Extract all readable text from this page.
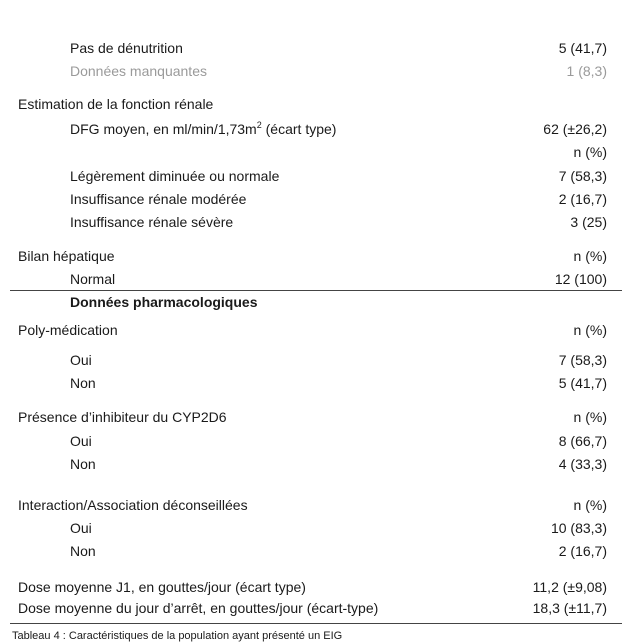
Pas de dénutrition	5 (41,7)
Données manquantes	1 (8,3)
Estimation de la fonction rénale
DFG moyen, en $ml/\min/1,73m^2$ (écart type)	62 (±26,2)
n (%)
Légèrement diminuée ou normale	7 (58,3)
Insuffisance rénale modérée	2 (16,7)
Insuffisance rénale sévère	3 (25)
Bilan hépatique	n (%)
Normal	12 (100)
Données pharmacologiques
Poly-médication	n (%)
Oui	7 (58,3)
Non	5 (41,7)
Présence d’inhibiteur du CYP2D6	n (%)
Oui	8 (66,7)
Non	4 (33,3)
Interaction/Association déconseillées	n (%)
Oui	10 (83,3)
Non	2 (16,7)
Dose moyenne J1, en gouttes/jour (écart type)	11,2 (±9,08)
Dose moyenne du jour d’arrêt, en gouttes/jour (écart-type)	18,3 (±11,7)
Tableau 4 : Caractéristiques de la population ayant présenté un EIG
